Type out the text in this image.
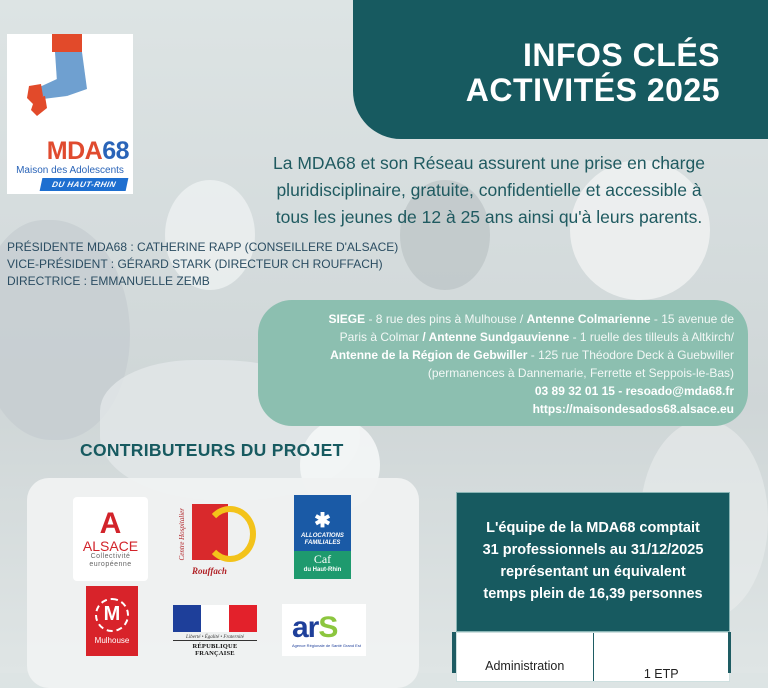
MDA68
Maison des Adolescents
DU HAUT-RHIN
INFOS CLÉS
ACTIVITÉS 2025
La MDA68 et son Réseau assurent une prise en charge
pluridisciplinaire, gratuite, confidentielle et accessible à
tous les jeunes de 12 à 25 ans ainsi qu'à leurs parents.
PRÉSIDENTE MDA68 : CATHERINE RAPP (CONSEILLERE D'ALSACE)
VICE-PRÉSIDENT : GÉRARD STARK (DIRECTEUR CH ROUFFACH)
DIRECTRICE : EMMANUELLE ZEMB
SIEGE - 8 rue des pins à Mulhouse / Antenne Colmarienne - 15 avenue de
Paris à Colmar / Antenne Sundgauvienne - 1 ruelle des tilleuls à Altkirch/
Antenne de la Région de Gebwiller - 125 rue Théodore Deck à Guebwiller
(permanences à Dannemarie, Ferrette et Seppois-le-Bas)
03 89 32 01 15 - resoado@mda68.fr
https://maisondesados68.alsace.eu
CONTRIBUTEURS DU PROJET
A
ALSACE
Collectivité
européenne
Centre Hospitalier
Rouffach
✱
ALLOCATIONS
FAMILIALES
Caf
du Haut-Rhin
M
Mulhouse	Liberté • Égalité • Fraternité
RÉPUBLIQUE FRANÇAISE
arS
Agence Régionale de Santé Grand Est
L'équipe de la MDA68 comptait
31 professionnels au 31/12/2025
représentant un équivalent
temps plein de 16,39 personnes
Administration
1 ETP
